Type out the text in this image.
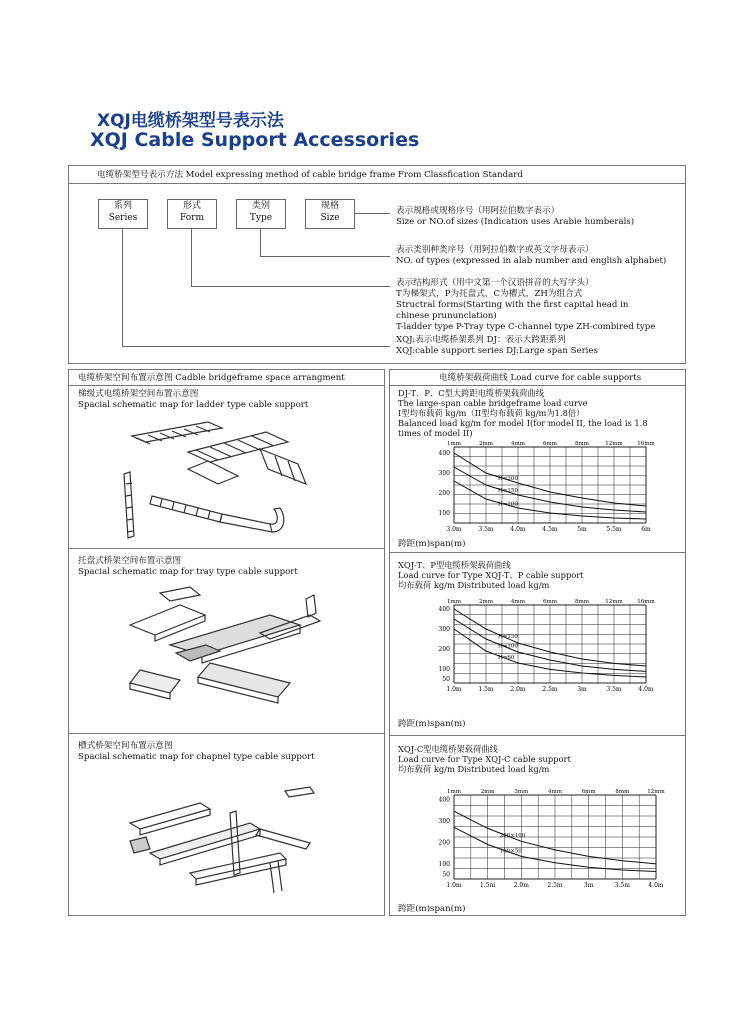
XQJ电缆桥架型号表示法
XQJ Cable Support Accessories
电缆桥架型号表示方法 Model expressing method of cable bridge frame From Classfication Standard
系列
Series
形式
Form
类别
Type
规格
Size
表示规格或规格序号（用阿拉伯数字表示）
Size or NO.of sizes (Indication uses Arabie humberals)
表示类别种类序号（用阿拉伯数字或英文字母表示）
NO. of types (expressed in alab number and english alphabet)
表示结构形式（用中文第一个汉语拼音的大写字头）
T为梯架式，P为托盘式，C为槽式，ZH为组合式
Structral forms(Starting with the first capital head in
chinese prununclation)
T-ladder type P-Tray type C-channel type ZH-combired type
XQJ:表示电缆桥架系列 DJ：表示大跨距系列
XQJ:cable support series DJ:Large span Series
电缆桥架空间布置示意图 Cadble bridgeframe space arrangment
梯级式电缆桥架空间布置示意图
Spacial schematic map for ladder type cable support
托盘式桥架空间布置示意图
Spacial schematic map for tray type cable support
槽式桥架空间布置示意图
Spacial schematic map for chapnel type cable support
电缆桥架载荷曲线 Load curve for cable supports
DJ-T、P、C型大跨距电缆桥架载荷曲线
The large-span cable bridgeframe load curve
I型均布载荷 kg/m（II型均布载荷 kg/m为1.8倍）
Balanced load kg/m for model I(for model II, the load is 1.8
times of model II)
XQJ-T、P型电缆桥架载荷曲线
Load curve for Type XQJ-T、P cable support
均布载荷 kg/m Distributed load kg/m
XQJ-C型电缆桥架载荷曲线
Load curve for Type XQJ-C cable support
均布载荷 kg/m Distributed load kg/m
1mm	2mm	4mm	6mm	8mm	12mm	16mm
3.0m	3.5m	4.0m	4.5m	5m	5.5m	6m
400
300
200
100
H=200
H=150
H=100
1mm	2mm	4mm	6mm	8mm	12mm	16mm
1.0m	1.5m	2.0m	2.5m	3m	3.5m	4.0m
400
300
200
100
50
H=150
H=100
H=60
1mm	2mm	3mm	4mm	6mm	8mm	12mm
1.0m	1.5m	2.0m	2.5m	3m	3.5m	4.0m
400
300
200
100
50
200×100
100×50
跨距(m)span(m)
跨距(m)span(m)
跨距(m)span(m)
